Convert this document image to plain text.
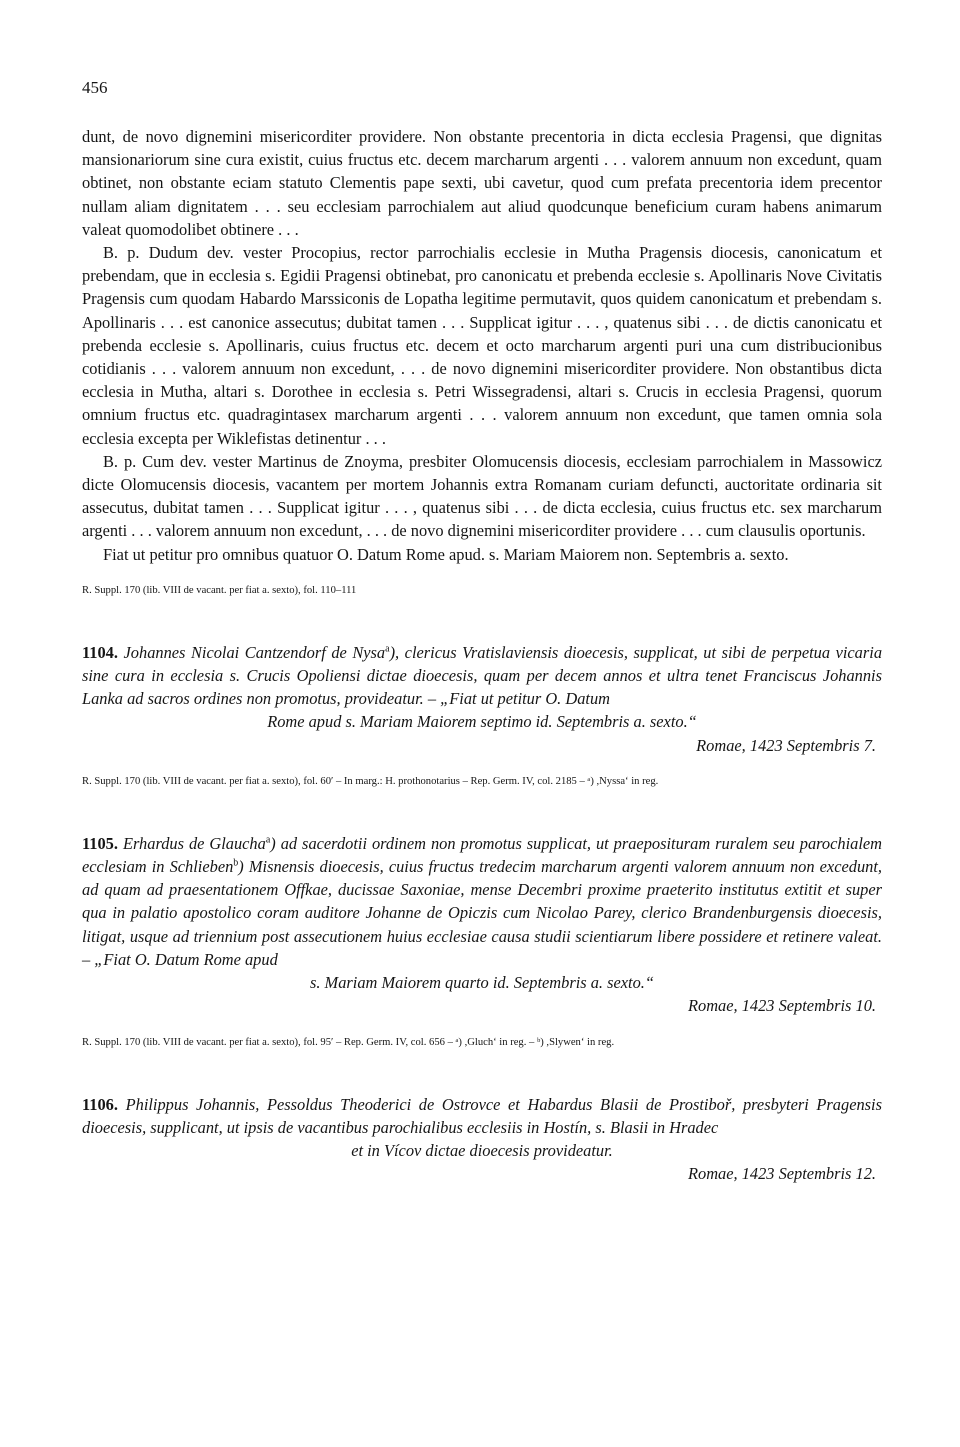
456

dunt, de novo dignemini misericorditer providere. Non obstante precentoria in dicta ecclesia Pragensi, que dignitas mansionariorum sine cura existit, cuius fructus etc. decem marcharum argenti . . . valorem annuum non excedunt, quam obtinet, non obstante eciam statuto Clementis pape sexti, ubi cavetur, quod cum prefata precentoria idem precentor nullam aliam dignitatem . . . seu ecclesiam parrochialem aut aliud quodcunque beneficium curam habens animarum valeat quomodolibet obtinere . . .

B. p. Dudum dev. vester Procopius, rector parrochialis ecclesie in Mutha Pragensis diocesis, canonicatum et prebendam, que in ecclesia s. Egidii Pragensi obtinebat, pro canonicatu et prebenda ecclesie s. Apollinaris Nove Civitatis Pragensis cum quodam Habardo Marssiconis de Lopatha legitime permutavit, quos quidem canonicatum et prebendam s. Apollinaris . . . est canonice assecutus; dubitat tamen . . . Supplicat igitur . . . , quatenus sibi . . . de dictis canonicatu et prebenda ecclesie s. Apollinaris, cuius fructus etc. decem et octo marcharum argenti puri una cum distribucionibus cotidianis . . . valorem annuum non excedunt, . . . de novo dignemini misericorditer providere. Non obstantibus dicta ecclesia in Mutha, altari s. Dorothee in ecclesia s. Petri Wissegradensi, altari s. Crucis in ecclesia Pragensi, quorum omnium fructus etc. quadragintasex marcharum argenti . . . valorem annuum non excedunt, que tamen omnia sola ecclesia excepta per Wiklefistas detinentur . . .

B. p. Cum dev. vester Martinus de Znoyma, presbiter Olomucensis diocesis, ecclesiam parrochialem in Massowicz dicte Olomucensis diocesis, vacantem per mortem Johannis extra Romanam curiam defuncti, auctoritate ordinaria sit assecutus, dubitat tamen . . . Supplicat igitur . . . , quatenus sibi . . . de dicta ecclesia, cuius fructus etc. sex marcharum argenti . . . valorem annuum non excedunt, . . . de novo dignemini misericorditer providere . . . cum clausulis oportunis.

Fiat ut petitur pro omnibus quatuor O. Datum Rome apud. s. Mariam Maiorem non. Septembris a. sexto.

R. Suppl. 170 (lib. VIII de vacant. per fiat a. sexto), fol. 110–111

1104. Johannes Nicolai Cantzendorf de Nysa$^a$), clericus Vratislaviensis dioecesis, supplicat, ut sibi de perpetua vicaria sine cura in ecclesia s. Crucis Opoliensi dictae dioecesis, quam per decem annos et ultra tenet Franciscus Johannis Lanka ad sacros ordines non promotus, provideatur. – „Fiat ut petitur O. Datum

Rome apud s. Mariam Maiorem septimo id. Septembris a. sexto.“

Romae, 1423 Septembris 7.

R. Suppl. 170 (lib. VIII de vacant. per fiat a. sexto), fol. 60′ – In marg.: H. prothonotarius – Rep. Germ. IV, col. 2185 – ᵃ) ,Nyssa‘ in reg.

1105. Erhardus de Glaucha$^a$) ad sacerdotii ordinem non promotus supplicat, ut praeposituram ruralem seu parochialem ecclesiam in Schlieben$^b$) Misnensis dioecesis, cuius fructus tredecim marcharum argenti valorem annuum non excedunt, ad quam ad praesentationem Offkae, ducissae Saxoniae, mense Decembri proxime praeterito institutus extitit et super qua in palatio apostolico coram auditore Johanne de Opiczis cum Nicolao Parey, clerico Brandenburgensis dioecesis, litigat, usque ad triennium post assecutionem huius ecclesiae causa studii scientiarum libere possidere et retinere valeat. – „Fiat O. Datum Rome apud

s. Mariam Maiorem quarto id. Septembris a. sexto.“

Romae, 1423 Septembris 10.

R. Suppl. 170 (lib. VIII de vacant. per fiat a. sexto), fol. 95′ – Rep. Germ. IV, col. 656 – ᵃ) ,Gluch‘ in reg. – ᵇ) ,Slywen‘ in reg.

1106. Philippus Johannis, Pessoldus Theoderici de Ostrovce et Habardus Blasii de Prostiboř, presbyteri Pragensis dioecesis, supplicant, ut ipsis de vacantibus parochialibus ecclesiis in Hostín, s. Blasii in Hradec

et in Vícov dictae dioecesis provideatur.

Romae, 1423 Septembris 12.
